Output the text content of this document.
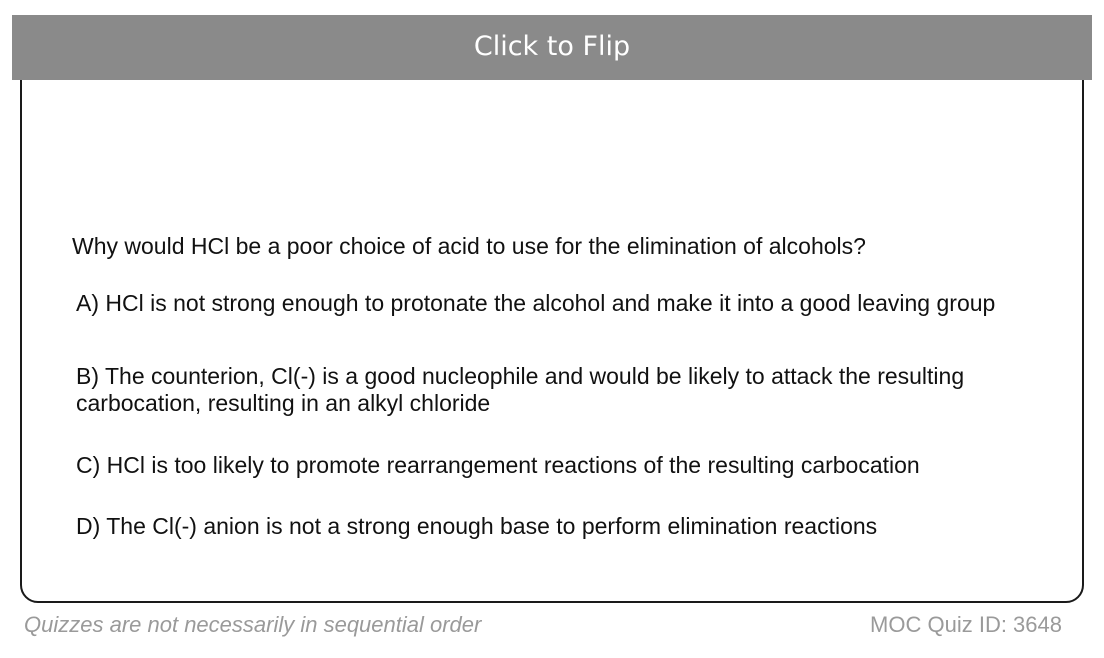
Why would HCl be a poor choice of acid to use for the elimination of alcohols?
A) HCl is not strong enough to protonate the alcohol and make it into a good leaving group
B) The counterion, Cl(-) is a good nucleophile and would be likely to attack the resulting carbocation, resulting in an alkyl chloride
C) HCl is too likely to promote rearrangement reactions of the resulting carbocation
D) The Cl(-) anion is not a strong enough base to perform elimination reactions
Click to Flip
Quizzes are not necessarily in sequential order	MOC Quiz ID: 3648
